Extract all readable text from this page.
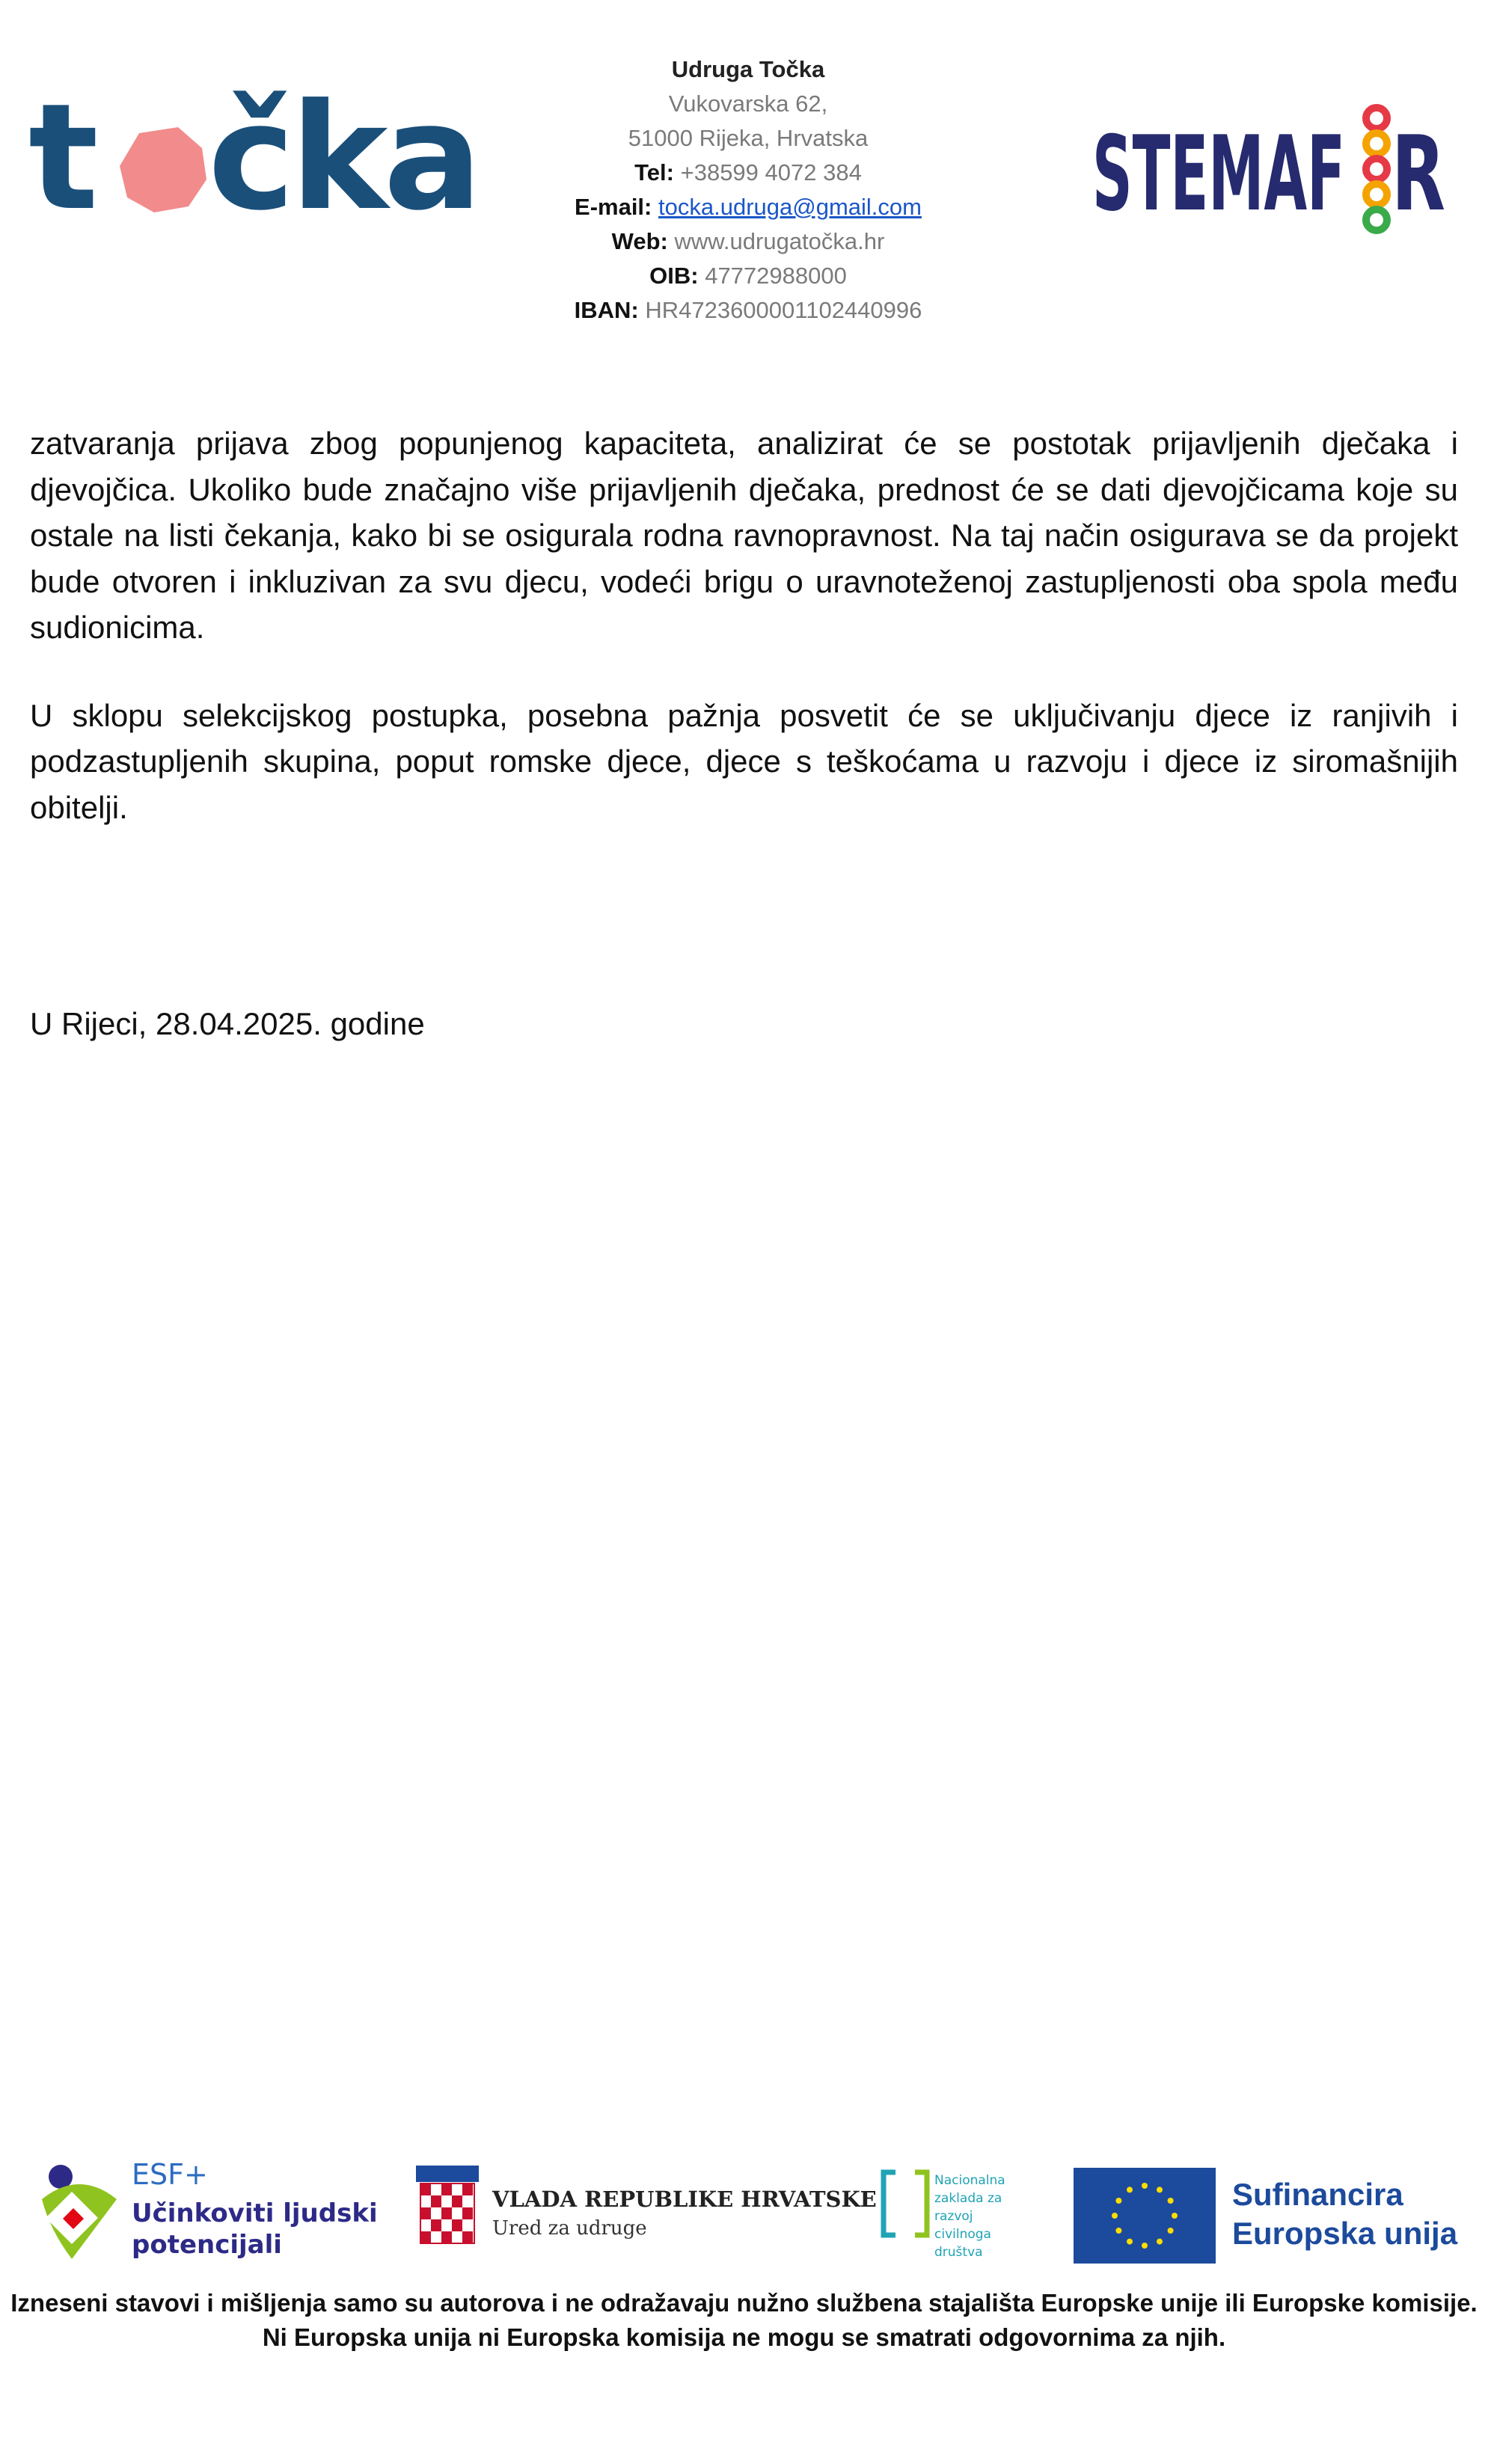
t čka
Udruga Točka
Vukovarska 62,
51000 Rijeka, Hrvatska
Tel: +38599 4072 384
E-mail: tocka.udruga@gmail.com
Web: www.udrugatočka.hr
OIB: 47772988000
IBAN: HR4723600001102440996
STEMAF R

zatvaranja prijava zbog popunjenog kapaciteta, analizirat će se postotak prijavljenih dječaka i djevojčica. Ukoliko bude značajno više prijavljenih dječaka, prednost će se dati djevojčicama koje su ostale na listi čekanja, kako bi se osigurala rodna ravnopravnost. Na taj način osigurava se da projekt bude otvoren i inkluzivan za svu djecu, vodeći brigu o uravnoteženoj zastupljenosti oba spola među sudionicima.

U sklopu selekcijskog postupka, posebna pažnja posvetit će se uključivanju djece iz ranjivih i podzastupljenih skupina, poput romske djece, djece s teškoćama u razvoju i djece iz siromašnijih obitelji.

U Rijeci, 28.04.2025. godine
ESF+
Učinkoviti ljudski
potencijali
VLADA REPUBLIKE HRVATSKE
Ured za udruge
Nacionalna
zaklada za
razvoj
civilnoga
društva
Sufinancira
Europska unija
Izneseni stavovi i mišljenja samo su autorova i ne odražavaju nužno službena stajališta Europske unije ili Europske komisije.
Ni Europska unija ni Europska komisija ne mogu se smatrati odgovornima za njih.
